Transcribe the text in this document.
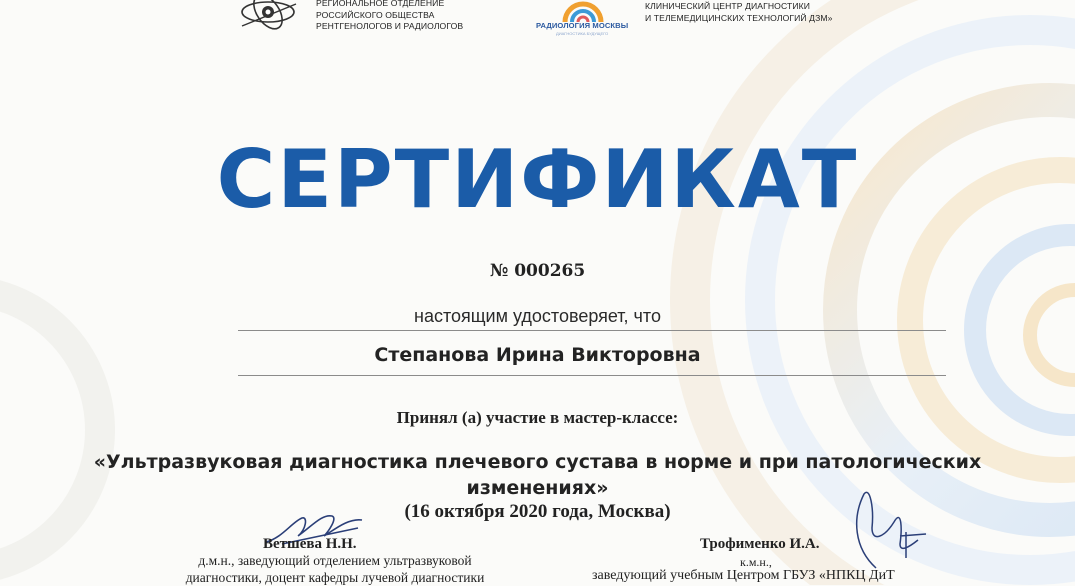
РЕГИОНАЛЬНОЕ ОТДЕЛЕНИЕ
РОССИЙСКОГО ОБЩЕСТВА
РЕНТГЕНОЛОГОВ И РАДИОЛОГОВ	РАДИОЛОГИЯ МОСКВЫ
ДИАГНОСТИКА БУДУЩЕГО
КЛИНИЧЕСКИЙ ЦЕНТР ДИАГНОСТИКИ
И ТЕЛЕМЕДИЦИНСКИХ ТЕХНОЛОГИЙ ДЗМ»
СЕРТИФИКАТ
№ 000265
настоящим удостоверяет, что
Степанова Ирина Викторовна
Принял (а) участие в мастер-классе:
«Ультразвуковая диагностика плечевого сустава в норме и при патологических
изменениях»
(16 октября 2020 года, Москва)
Ветшева Н.Н.
д.м.н., заведующий отделением ультразвуковой
диагностики, доцент кафедры лучевой диагностики
Трофименко И.А.
к.м.н.,
заведующий учебным Центром ГБУЗ «НПКЦ ДиТ
